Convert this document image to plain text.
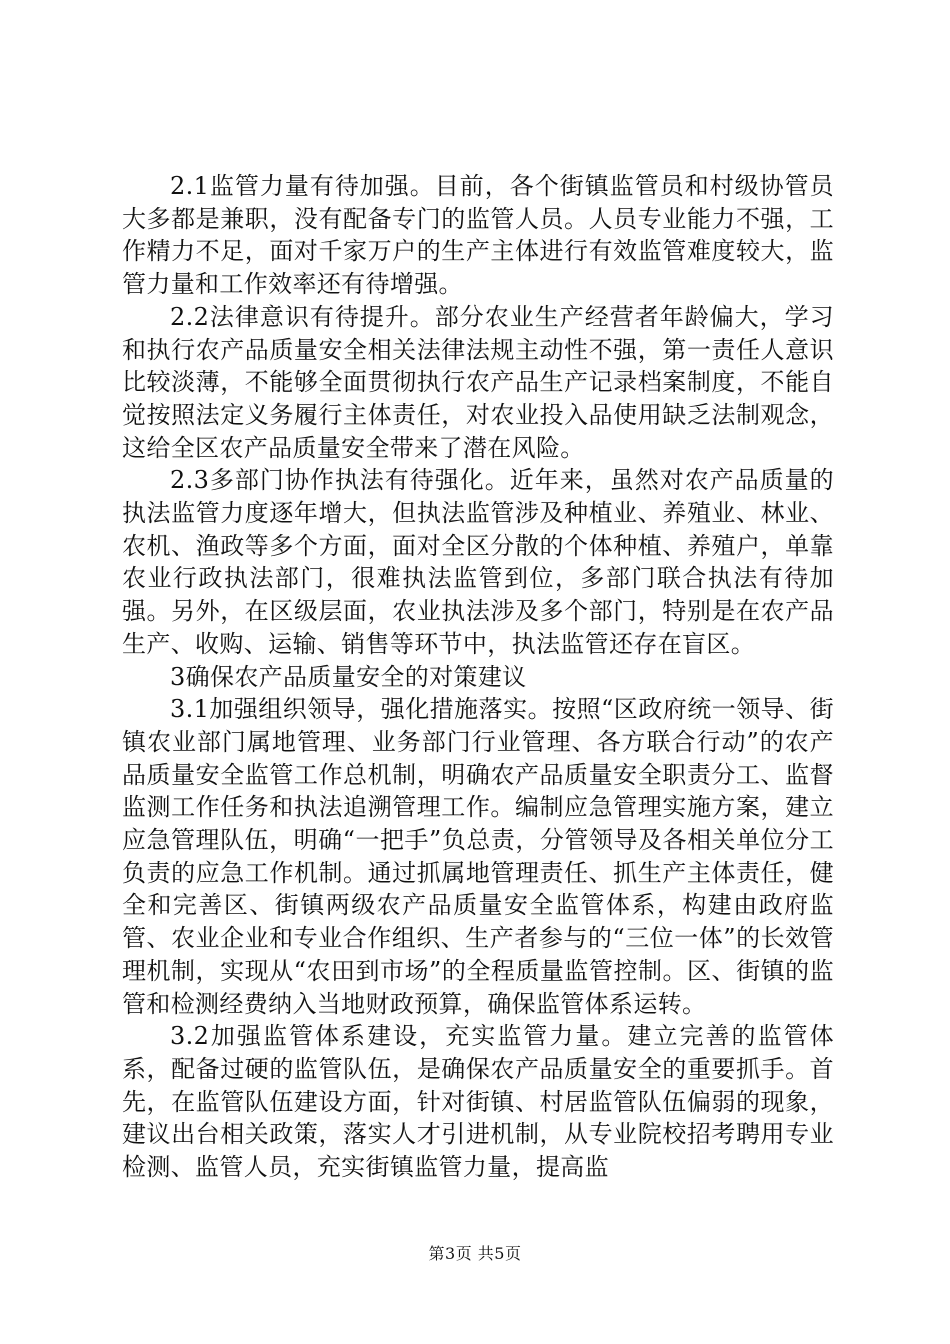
2.1监管力量有待加强。目前，各个街镇监管员和村级协管员大多都是兼职，没有配备专门的监管人员。人员专业能力不强，工作精力不足，面对千家万户的生产主体进行有效监管难度较大，监管力量和工作效率还有待增强。

2.2法律意识有待提升。部分农业生产经营者年龄偏大，学习和执行农产品质量安全相关法律法规主动性不强，第一责任人意识比较淡薄，不能够全面贯彻执行农产品生产记录档案制度，不能自觉按照法定义务履行主体责任，对农业投入品使用缺乏法制观念，这给全区农产品质量安全带来了潜在风险。

2.3多部门协作执法有待强化。近年来，虽然对农产品质量的执法监管力度逐年增大，但执法监管涉及种植业、养殖业、林业、农机、渔政等多个方面，面对全区分散的个体种植、养殖户，单靠农业行政执法部门，很难执法监管到位，多部门联合执法有待加强。另外，在区级层面，农业执法涉及多个部门，特别是在农产品生产、收购、运输、销售等环节中，执法监管还存在盲区。

3确保农产品质量安全的对策建议

3.1加强组织领导，强化措施落实。按照“区政府统一领导、街镇农业部门属地管理、业务部门行业管理、各方联合行动”的农产品质量安全监管工作总机制，明确农产品质量安全职责分工、监督监测工作任务和执法追溯管理工作。编制应急管理实施方案，建立应急管理队伍，明确“一把手”负总责，分管领导及各相关单位分工负责的应急工作机制。通过抓属地管理责任、抓生产主体责任，健全和完善区、街镇两级农产品质量安全监管体系，构建由政府监管、农业企业和专业合作组织、生产者参与的“三位一体”的长效管理机制，实现从“农田到市场”的全程质量监管控制。区、街镇的监管和检测经费纳入当地财政预算，确保监管体系运转。

3.2加强监管体系建设，充实监管力量。建立完善的监管体系，配备过硬的监管队伍，是确保农产品质量安全的重要抓手。首先，在监管队伍建设方面，针对街镇、村居监管队伍偏弱的现象，建议出台相关政策，落实人才引进机制，从专业院校招考聘用专业检测、监管人员，充实街镇监管力量，提高监

第3页 共5页
